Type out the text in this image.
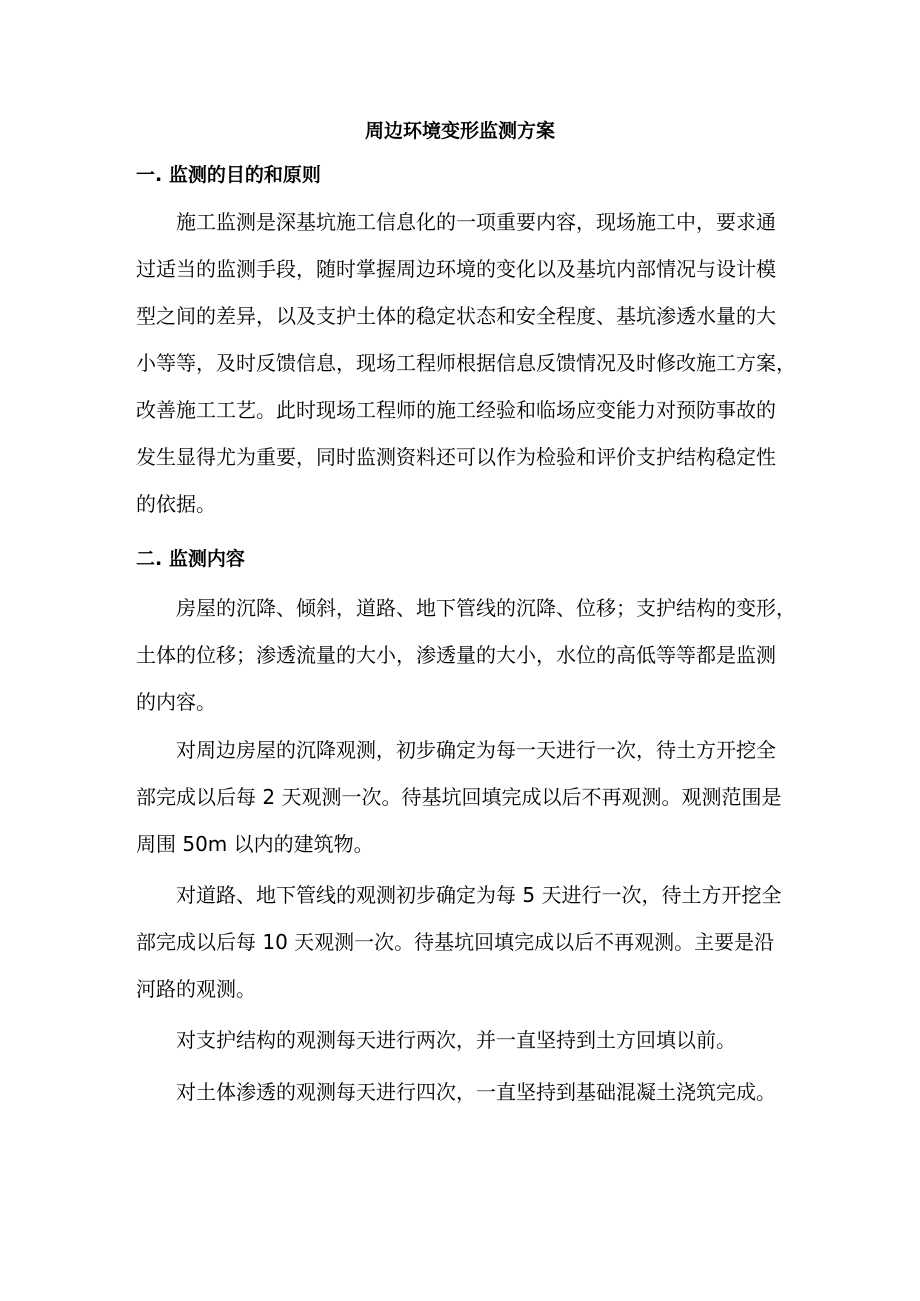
周边环境变形监测方案
一. 监测的目的和原则
施工监测是深基坑施工信息化的一项重要内容，现场施工中，要求通
过适当的监测手段，随时掌握周边环境的变化以及基坑内部情况与设计模
型之间的差异，以及支护土体的稳定状态和安全程度、基坑渗透水量的大
小等等，及时反馈信息，现场工程师根据信息反馈情况及时修改施工方案，
改善施工工艺。此时现场工程师的施工经验和临场应变能力对预防事故的
发生显得尤为重要，同时监测资料还可以作为检验和评价支护结构稳定性
的依据。
二. 监测内容
房屋的沉降、倾斜，道路、地下管线的沉降、位移；支护结构的变形，
土体的位移；渗透流量的大小，渗透量的大小，水位的高低等等都是监测
的内容。
对周边房屋的沉降观测，初步确定为每一天进行一次，待土方开挖全
部完成以后每 2 天观测一次。待基坑回填完成以后不再观测。观测范围是
周围 50m 以内的建筑物。
对道路、地下管线的观测初步确定为每 5 天进行一次，待土方开挖全
部完成以后每 10 天观测一次。待基坑回填完成以后不再观测。主要是沿
河路的观测。
对支护结构的观测每天进行两次，并一直坚持到土方回填以前。
对土体渗透的观测每天进行四次，一直坚持到基础混凝土浇筑完成。
